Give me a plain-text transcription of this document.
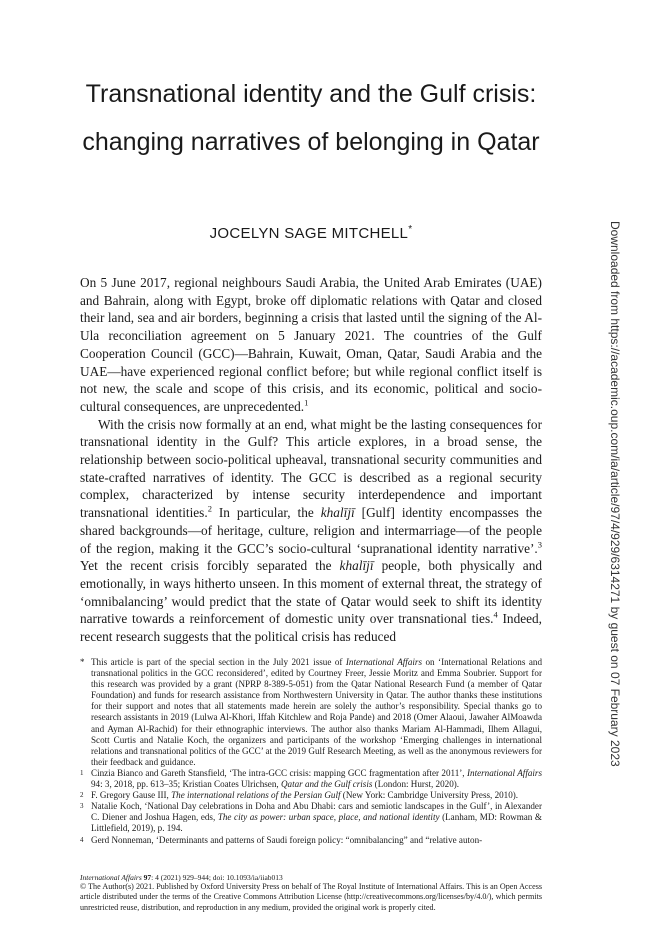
Transnational identity and the Gulf crisis:
changing narratives of belonging in Qatar
JOCELYN SAGE MITCHELL*

On 5 June 2017, regional neighbours Saudi Arabia, the United Arab Emirates (UAE) and Bahrain, along with Egypt, broke off diplomatic relations with Qatar and closed their land, sea and air borders, beginning a crisis that lasted until the signing of the Al-Ula reconciliation agreement on 5 January 2021. The countries of the Gulf Cooperation Council (GCC)—Bahrain, Kuwait, Oman, Qatar, Saudi Arabia and the UAE—have experienced regional conflict before; but while regional conflict itself is not new, the scale and scope of this crisis, and its economic, political and socio-cultural consequences, are unprecedented.$^1$

With the crisis now formally at an end, what might be the lasting consequences for transnational identity in the Gulf? This article explores, in a broad sense, the relationship between socio-political upheaval, transnational security communities and state-crafted narratives of identity. The GCC is described as a regional security complex, characterized by intense security interdependence and important transnational identities.$^2$ In particular, the khalījī [Gulf] identity encompasses the shared backgrounds—of heritage, culture, religion and intermarriage—of the people of the region, making it the GCC’s socio-cultural ‘supranational identity narrative’.$^3$ Yet the recent crisis forcibly separated the khalījī people, both physically and emotionally, in ways hitherto unseen. In this moment of external threat, the strategy of ‘omnibalancing’ would predict that the state of Qatar would seek to shift its identity narrative towards a reinforcement of domestic unity over transnational ties.$^4$ Indeed, recent research suggests that the political crisis has reduced

* This article is part of the special section in the July 2021 issue of International Affairs on ‘International Relations and transnational politics in the GCC reconsidered’, edited by Courtney Freer, Jessie Moritz and Emma Soubrier. Support for this research was provided by a grant (NPRP 8-389-5-051) from the Qatar National Research Fund (a member of Qatar Foundation) and funds for research assistance from Northwestern University in Qatar. The author thanks these institutions for their support and notes that all statements made herein are solely the author’s responsibility. Special thanks go to research assistants in 2019 (Lulwa Al-Khori, Iffah Kitchlew and Roja Pande) and 2018 (Omer Alaoui, Jawaher AlMoawda and Ayman Al-Rachid) for their ethnographic interviews. The author also thanks Mariam Al-Hammadi, Ilhem Allagui, Scott Curtis and Natalie Koch, the organizers and participants of the workshop ‘Emerging challenges in international relations and transnational politics of the GCC’ at the 2019 Gulf Research Meeting, as well as the anonymous reviewers for their feedback and guidance.
1 Cinzia Bianco and Gareth Stansfield, ‘The intra-GCC crisis: mapping GCC fragmentation after 2011’, International Affairs 94: 3, 2018, pp. 613–35; Kristian Coates Ulrichsen, Qatar and the Gulf crisis (London: Hurst, 2020).
2 F. Gregory Gause III, The international relations of the Persian Gulf (New York: Cambridge University Press, 2010).
3 Natalie Koch, ‘National Day celebrations in Doha and Abu Dhabi: cars and semiotic landscapes in the Gulf’, in Alexander C. Diener and Joshua Hagen, eds, The city as power: urban space, place, and national identity (Lanham, MD: Rowman & Littlefield, 2019), p. 194.
4 Gerd Nonneman, ‘Determinants and patterns of Saudi foreign policy: “omnibalancing” and “relative auton-
International Affairs 97: 4 (2021) 929–944; doi: 10.1093/ia/iiab013
© The Author(s) 2021. Published by Oxford University Press on behalf of The Royal Institute of International Affairs. This is an Open Access article distributed under the terms of the Creative Commons Attribution License (http://creativecommons.org/licenses/by/4.0/), which permits unrestricted reuse, distribution, and reproduction in any medium, provided the original work is properly cited.
Downloaded from https://academic.oup.com/ia/article/97/4/929/6314271 by guest on 07 February 2023
